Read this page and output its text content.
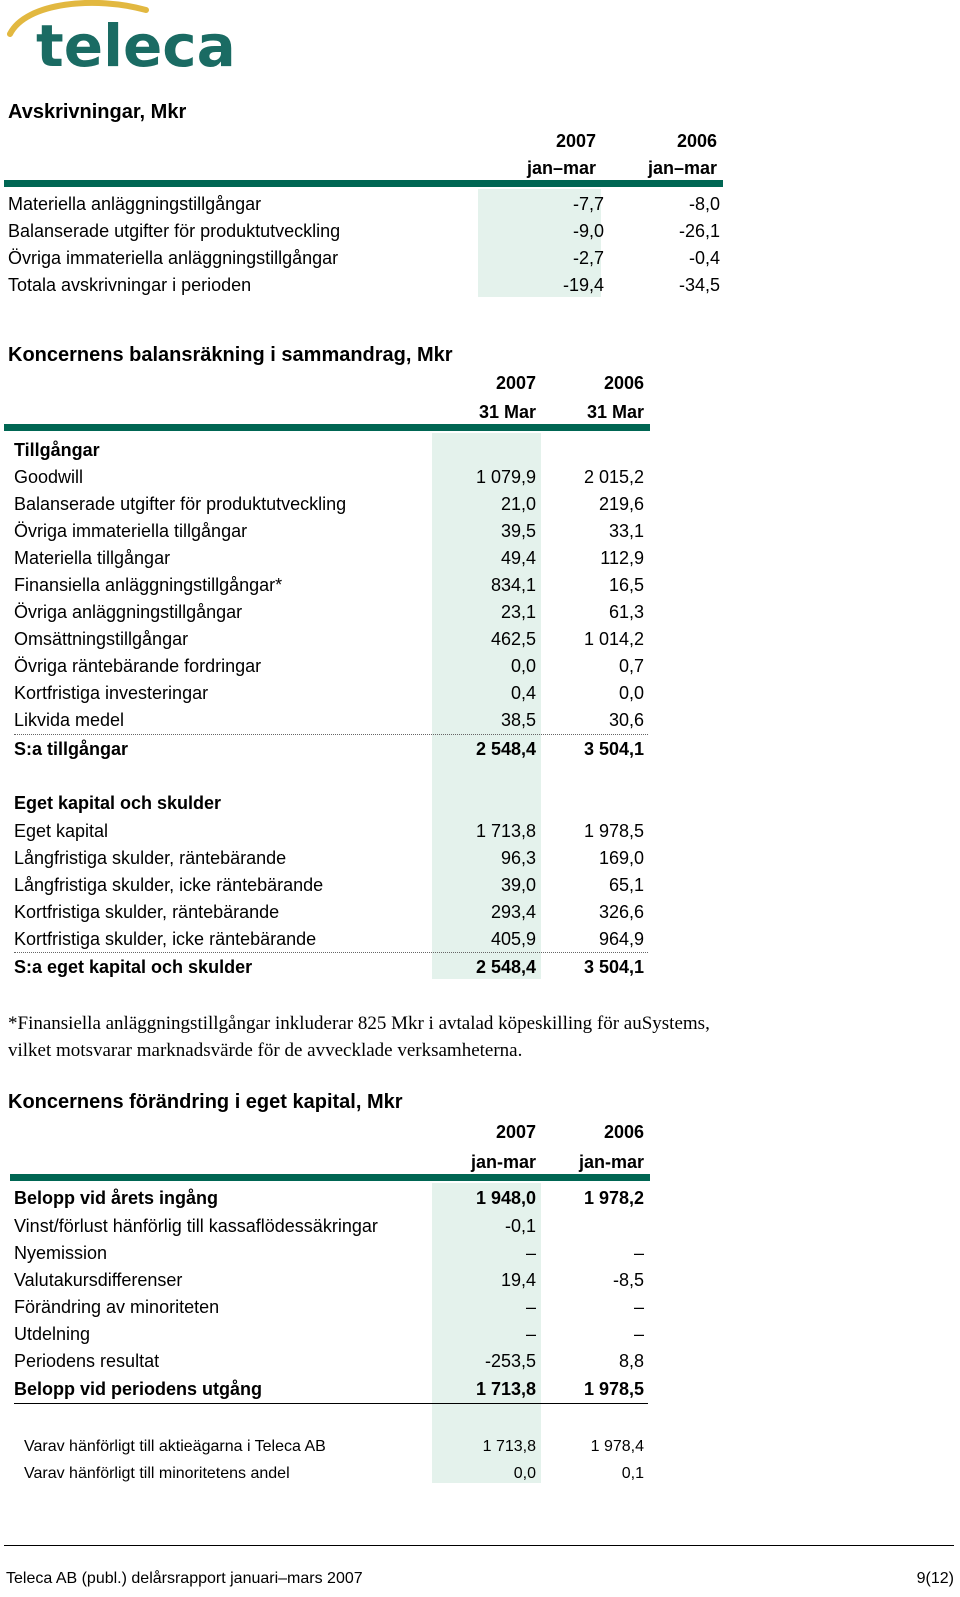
teleca
Avskrivningar, Mkr
2007	2006
jan–mar	jan–mar
Materiella anläggningstillgångar	-7,7	-8,0
Balanserade utgifter för produktutveckling	-9,0	-26,1
Övriga immateriella anläggningstillgångar	-2,7	-0,4
Totala avskrivningar i perioden	-19,4	-34,5
Koncernens balansräkning i sammandrag, Mkr
2007	2006
31 Mar	31 Mar
Tillgångar
Goodwill	1 079,9	2 015,2
Balanserade utgifter för produktutveckling	21,0	219,6
Övriga immateriella tillgångar	39,5	33,1
Materiella tillgångar	49,4	112,9
Finansiella anläggningstillgångar*	834,1	16,5
Övriga anläggningstillgångar	23,1	61,3
Omsättningstillgångar	462,5	1 014,2
Övriga räntebärande fordringar	0,0	0,7
Kortfristiga investeringar	0,4	0,0
Likvida medel	38,5	30,6
S:a tillgångar	2 548,4	3 504,1
Eget kapital och skulder
Eget kapital	1 713,8	1 978,5
Långfristiga skulder, räntebärande	96,3	169,0
Långfristiga skulder, icke räntebärande	39,0	65,1
Kortfristiga skulder, räntebärande	293,4	326,6
Kortfristiga skulder, icke räntebärande	405,9	964,9
S:a eget kapital och skulder	2 548,4	3 504,1
*Finansiella anläggningstillgångar inkluderar 825 Mkr i avtalad köpeskilling för auSystems, vilket motsvarar marknadsvärde för de avvecklade verksamheterna.
Koncernens förändring i eget kapital, Mkr
2007	2006
jan-mar	jan-mar
Belopp vid årets ingång	1 948,0	1 978,2
Vinst/förlust hänförlig till kassaflödessäkringar	-0,1
Nyemission	–	–
Valutakursdifferenser	19,4	-8,5
Förändring av minoriteten	–	–
Utdelning	–	–
Periodens resultat	-253,5	8,8
Belopp vid periodens utgång	1 713,8	1 978,5
Varav hänförligt till aktieägarna i Teleca AB	1 713,8	1 978,4
Varav hänförligt till minoritetens andel	0,0	0,1
Teleca AB (publ.) delårsrapport januari–mars 2007	9(12)
